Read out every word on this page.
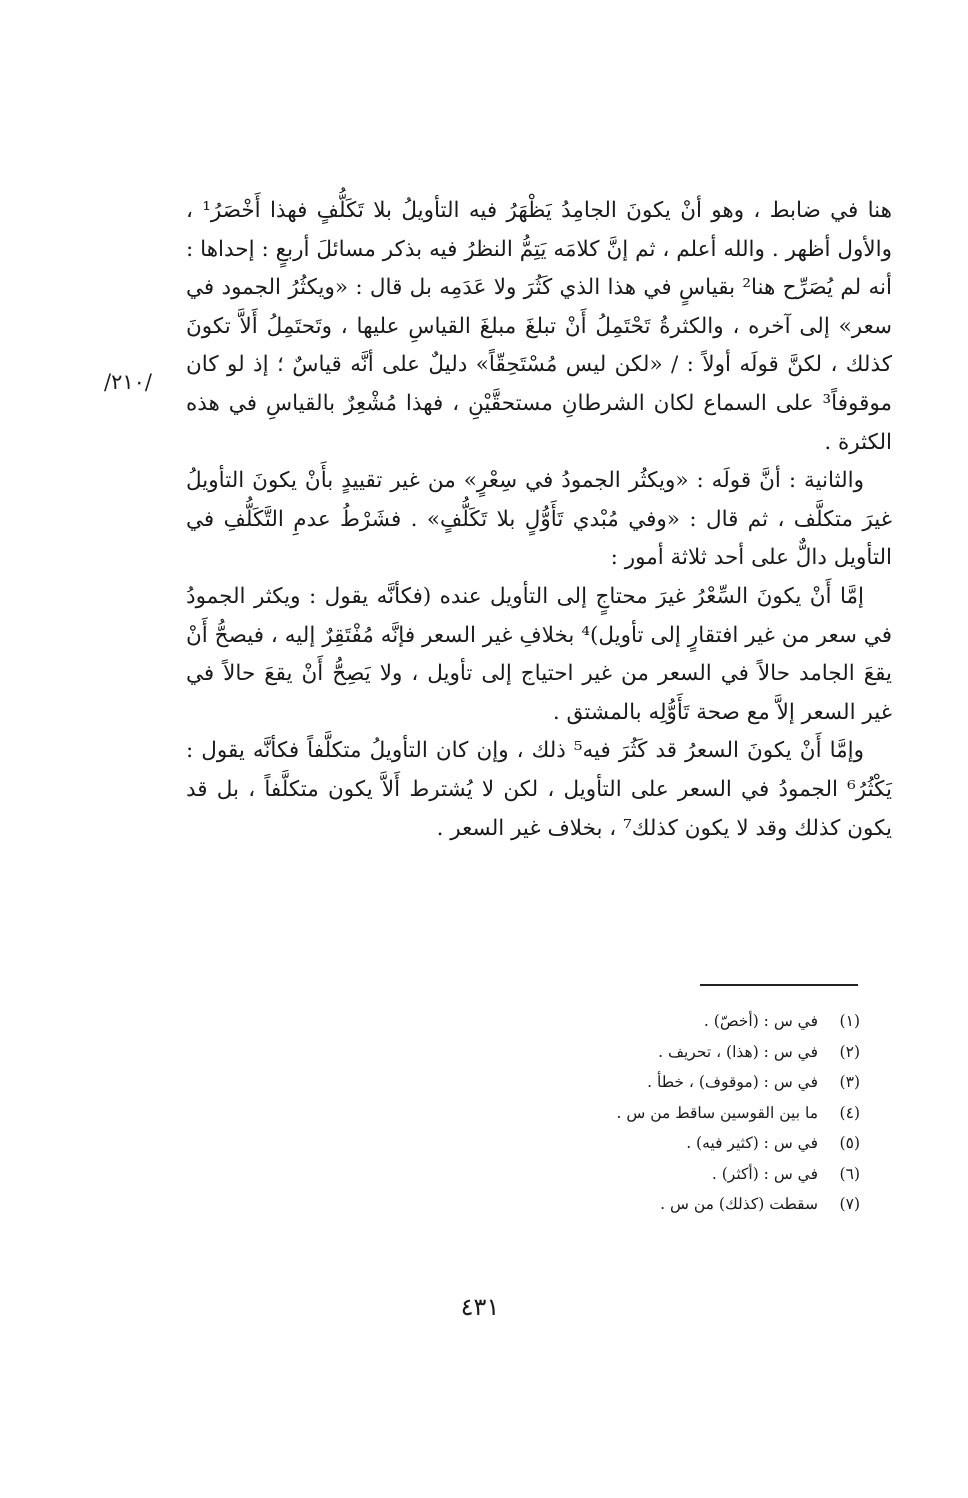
هنا في ضابط ، وهو أنْ يكونَ الجامِدُ يَظْهَرُ فيه التأويلُ بلا تَكَلُّفٍ فهذا أَخْصَرُ¹ ، والأول أظهر . والله أعلم ، ثم إنَّ كلامَه يَتِمُّ النظرُ فيه بذكر مسائلَ أربعٍ : إحداها : أنه لم يُصَرِّح هنا² بقياسٍ في هذا الذي كَثُرَ ولا عَدَمِه بل قال : «ويكثُرُ الجمود في سعر» إلى آخره ، والكثرةُ تَحْتَمِلُ أَنْ تبلغَ مبلغَ القياسِ عليها ، وتَحتَمِلُ أَلاَّ تكونَ كذلك ، لكنَّ قولَه أولاً : / «لكن ليس مُسْتَحِقّاً» دليلٌ على أنَّه قياسٌ ؛ إذ لو كان موقوفاً³ على السماع لكان الشرطانِ مستحقَّيْنِ ، فهذا مُشْعِرٌ بالقياسِ في هذه الكثرة .

والثانية : أنَّ قولَه : «ويكثُر الجمودُ في سِعْرٍ» من غير تقييدٍ بأَنْ يكونَ التأويلُ غيرَ متكلَّف ، ثم قال : «وفي مُبْدي تَأَوُّلٍ بلا تَكَلُّفٍ» . فشَرْطُ عدمِ التَّكَلُّفِ في التأويل دالٌّ على أحد ثلاثة أمور :

إمَّا أَنْ يكونَ السِّعْرُ غيرَ محتاجٍ إلى التأويل عنده (فكأنَّه يقول : ويكثر الجمودُ في سعر من غير افتقارٍ إلى تأويل)⁴ بخلافِ غير السعر فإنَّه مُفْتَقِرٌ إليه ، فيصحُّ أَنْ يقعَ الجامد حالاً في السعر من غير احتياج إلى تأويل ، ولا يَصِحُّ أَنْ يقعَ حالاً في غير السعر إلاَّ مع صحة تَأَوُّلِه بالمشتق .

وإمَّا أَنْ يكونَ السعرُ قد كَثُرَ فيه⁵ ذلك ، وإن كان التأويلُ متكلَّفاً فكأنَّه يقول : يَكْثُرُ⁶ الجمودُ في السعر على التأويل ، لكن لا يُشترط أَلاَّ يكون متكلَّفاً ، بل قد يكون كذلك وقد لا يكون كذلك⁷ ، بخلاف غير السعر .

/٢١٠/
(١)
في س : (أخصّ) .
(٢)
في س : (هذا) ، تحريف .
(٣)
في س : (موقوف) ، خطأ .
(٤)
ما بين القوسين ساقط من س .
(٥)
في س : (كثير فيه) .
(٦)
في س : (أكثر) .
(٧)
سقطت (كذلك) من س .
٤٣١
